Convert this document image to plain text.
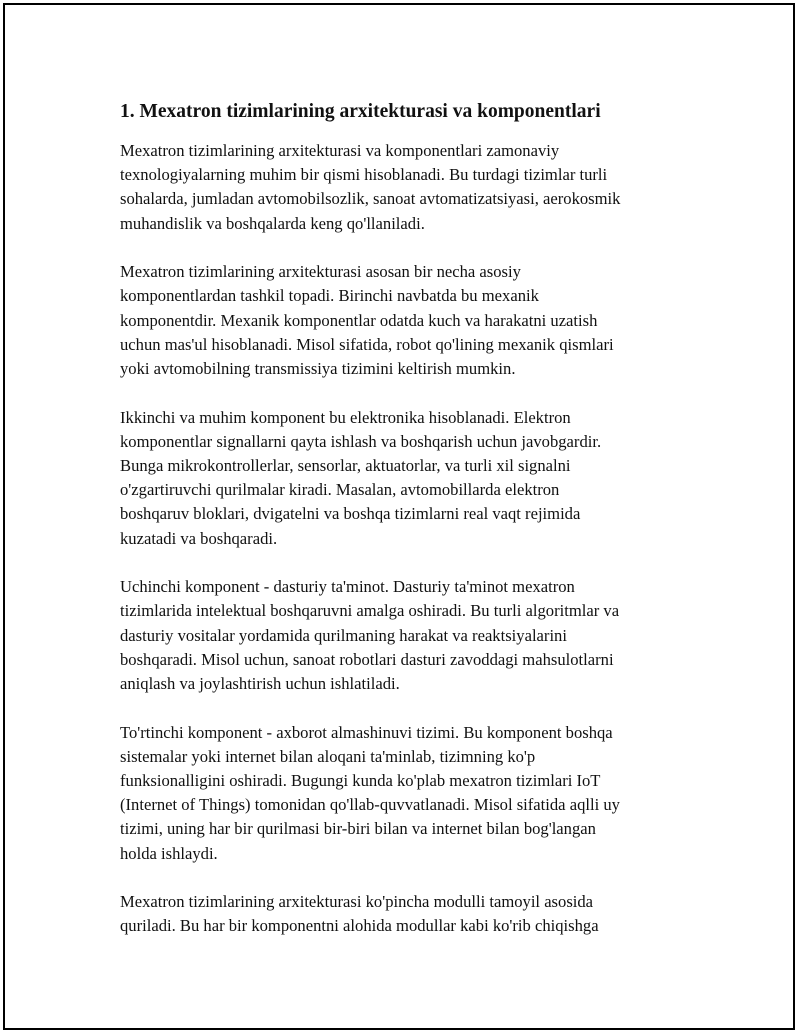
1. Mexatron tizimlarining arxitekturasi va komponentlari

Mexatron tizimlarining arxitekturasi va komponentlari zamonaviy
texnologiyalarning muhim bir qismi hisoblanadi. Bu turdagi tizimlar turli
sohalarda, jumladan avtomobilsozlik, sanoat avtomatizatsiyasi, aerokosmik
muhandislik va boshqalarda keng qo'llaniladi.

Mexatron tizimlarining arxitekturasi asosan bir necha asosiy
komponentlardan tashkil topadi. Birinchi navbatda bu mexanik
komponentdir. Mexanik komponentlar odatda kuch va harakatni uzatish
uchun mas'ul hisoblanadi. Misol sifatida, robot qo'lining mexanik qismlari
yoki avtomobilning transmissiya tizimini keltirish mumkin.

Ikkinchi va muhim komponent bu elektronika hisoblanadi. Elektron
komponentlar signallarni qayta ishlash va boshqarish uchun javobgardir.
Bunga mikrokontrollerlar, sensorlar, aktuatorlar, va turli xil signalni
o'zgartiruvchi qurilmalar kiradi. Masalan, avtomobillarda elektron
boshqaruv bloklari, dvigatelni va boshqa tizimlarni real vaqt rejimida
kuzatadi va boshqaradi.

Uchinchi komponent - dasturiy ta'minot. Dasturiy ta'minot mexatron
tizimlarida intelektual boshqaruvni amalga oshiradi. Bu turli algoritmlar va
dasturiy vositalar yordamida qurilmaning harakat va reaktsiyalarini
boshqaradi. Misol uchun, sanoat robotlari dasturi zavoddagi mahsulotlarni
aniqlash va joylashtirish uchun ishlatiladi.

To'rtinchi komponent - axborot almashinuvi tizimi. Bu komponent boshqa
sistemalar yoki internet bilan aloqani ta'minlab, tizimning ko'p
funksionalligini oshiradi. Bugungi kunda ko'plab mexatron tizimlari IoT
(Internet of Things) tomonidan qo'llab-quvvatlanadi. Misol sifatida aqlli uy
tizimi, uning har bir qurilmasi bir-biri bilan va internet bilan bog'langan
holda ishlaydi.

Mexatron tizimlarining arxitekturasi ko'pincha modulli tamoyil asosida
quriladi. Bu har bir komponentni alohida modullar kabi ko'rib chiqishga
